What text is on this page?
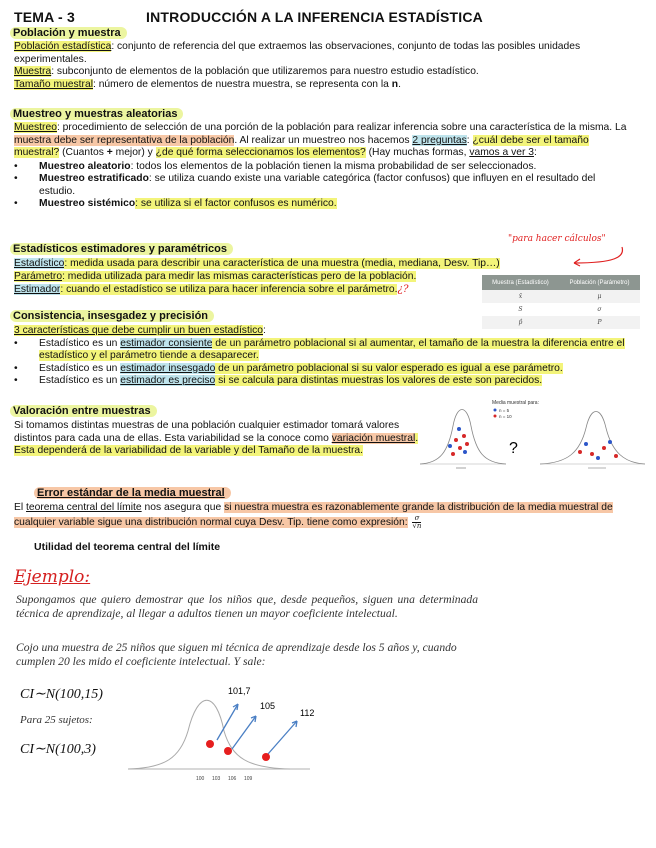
TEMA - 3	INTRODUCCIÓN A LA INFERENCIA ESTADÍSTICA
Población y muestra
Población estadística: conjunto de referencia del que extraemos las observaciones, conjunto de todas las posibles unidades experimentales.
Muestra: subconjunto de elementos de la población que utilizaremos para nuestro estudio estadístico.
Tamaño muestral: número de elementos de nuestra muestra, se representa con la n.
Muestreo y muestras aleatorias
Muestreo: procedimiento de selección de una porción de la población para realizar inferencia sobre una característica de la misma. La muestra debe ser representativa de la población. Al realizar un muestreo nos hacemos 2 preguntas: ¿cuál debe ser el tamaño muestral? (Cuantos + mejor) y ¿de qué forma seleccionamos los elementos? (Hay muchas formas, vamos a ver 3:
• Muestreo aleatorio: todos los elementos de la población tienen la misma probabilidad de ser seleccionados.
• Muestreo estratificado: se utiliza cuando existe una variable categórica (factor confusos) que influyen en el resultado del estudio.
• Muestreo sistémico: se utiliza si el factor confusos es numérico.
Estadísticos estimadores y paramétricos
"para hacer cálculos"
Estadístico: medida usada para describir una característica de una muestra (media, mediana, Desv. Tip…)
Parámetro: medida utilizada para medir las mismas características pero de la población.
Estimador: cuando el estadístico se utiliza para hacer inferencia sobre el parámetro.¿?
Muestra (Estadístico)	Población (Parámetro)
x̄	μ
S	σ
p̂	P
Consistencia, insesgadez y precisión
3 características que debe cumplir un buen estadístico:
• Estadístico es un estimador consiente de un parámetro poblacional si al aumentar, el tamaño de la muestra la diferencia entre el estadístico y el parámetro tiende a desaparecer.
• Estadístico es un estimador insesgado de un parámetro poblacional si su valor esperado es igual a ese parámetro.
• Estadístico es un estimador es preciso si se calcula para distintas muestras los valores de este son parecidos.
Valoración entre muestras
Si tomamos distintas muestras de una población cualquier estimador tomará valores distintos para cada una de ellas. Esta variabilidad se la conoce como variación muestral. Esta dependerá de la variabilidad de la variable y del Tamaño de la muestra.	?
Media muestral para:
n = 5
n = 10
Error estándar de la media muestral
El teorema central del límite nos asegura que si nuestra muestra es razonablemente grande la distribución de la media muestral de cualquier variable sigue una distribución normal cuya Desv. Tip. tiene como expresión: $\frac{\sigma}{√n}$
Utilidad del teorema central del límite
Ejemplo:
Supongamos que quiero demostrar que los niños que, desde pequeños, siguen una determinada técnica de aprendizaje, al llegar a adultos tienen un mayor coeficiente intelectual.
Cojo una muestra de 25 niños que siguen mi técnica de aprendizaje desde los 5 años y, cuando cumplen 20 les mido el coeficiente intelectual. Y sale:
CI∼N(100,15)
Para 25 sujetos:
CI∼N(100,3)
101,7
105
112
100 103 106 109
